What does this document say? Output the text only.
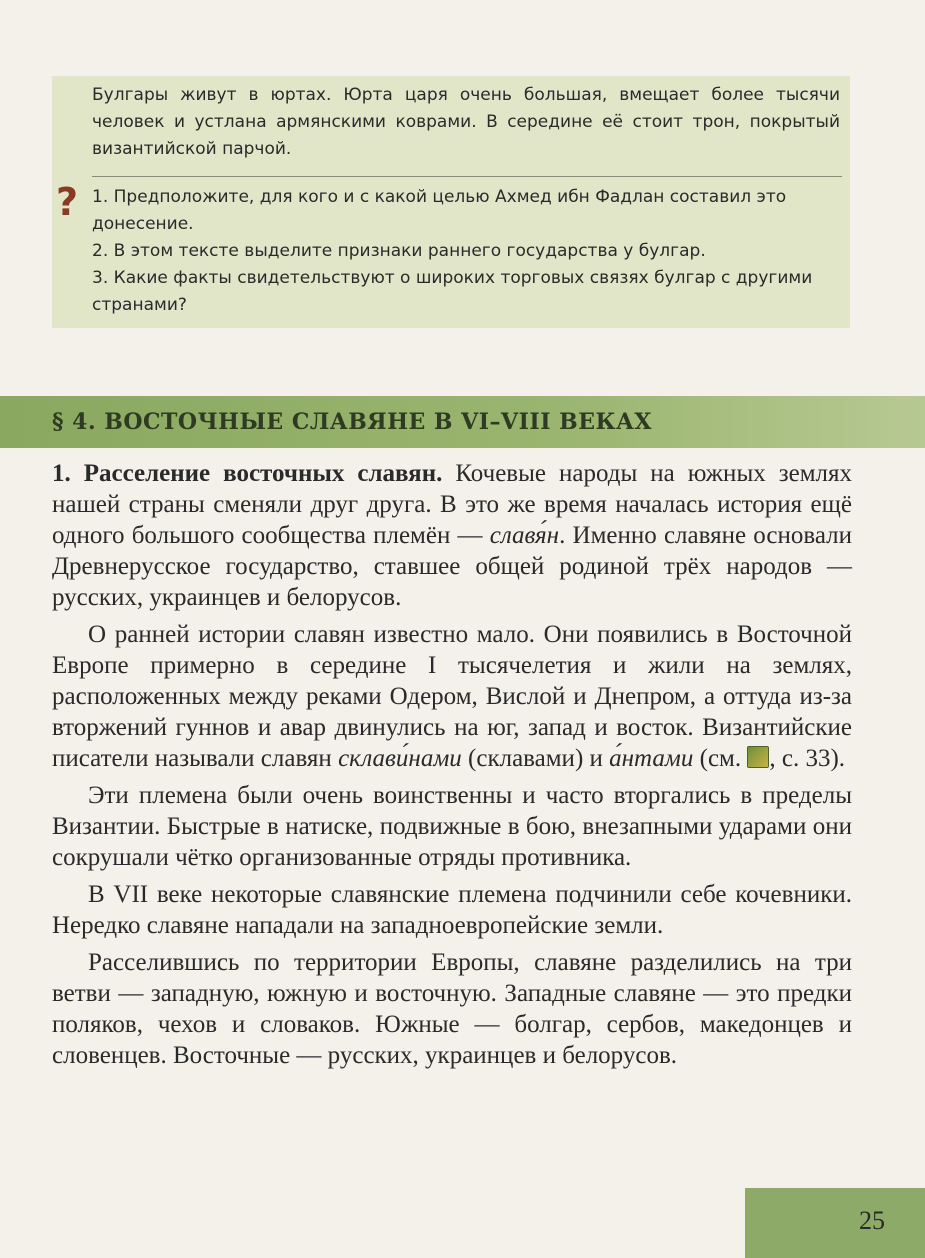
Булгары живут в юртах. Юрта царя очень большая, вмещает более тысячи человек и устлана армянскими коврами. В середине её стоит трон, покрытый византийской парчой.

? 1. Предположите, для кого и с какой целью Ахмед ибн Фадлан составил это донесение.
2. В этом тексте выделите признаки раннего государства у булгар.
3. Какие факты свидетельствуют о широких торговых связях булгар с другими странами?
§ 4. ВОСТОЧНЫЕ СЛАВЯНЕ В VI–VIII ВЕКАХ

1. Расселение восточных славян. Кочевые народы на южных землях нашей страны сменяли друг друга. В это же время началась история ещё одного большого сообщества племён — славя́н. Именно славяне основали Древнерусское государство, ставшее общей родиной трёх народов — русских, украинцев и белорусов.

О ранней истории славян известно мало. Они появились в Восточной Европе примерно в середине I тысячелетия и жили на землях, расположенных между реками Одером, Вислой и Днепром, а оттуда из-за вторжений гуннов и авар двинулись на юг, запад и восток. Византийские писатели называли славян склави́нами (склавами) и а́нтами (см. , с. 33).

Эти племена были очень воинственны и часто вторгались в пределы Византии. Быстрые в натиске, подвижные в бою, внезапными ударами они сокрушали чётко организованные отряды противника.

В VII веке некоторые славянские племена подчинили себе кочевники. Нередко славяне нападали на западноевропейские земли.

Расселившись по территории Европы, славяне разделились на три ветви — западную, южную и восточную. Западные славяне — это предки поляков, чехов и словаков. Южные — болгар, сербов, македонцев и словенцев. Восточные — русских, украинцев и белорусов.

25
